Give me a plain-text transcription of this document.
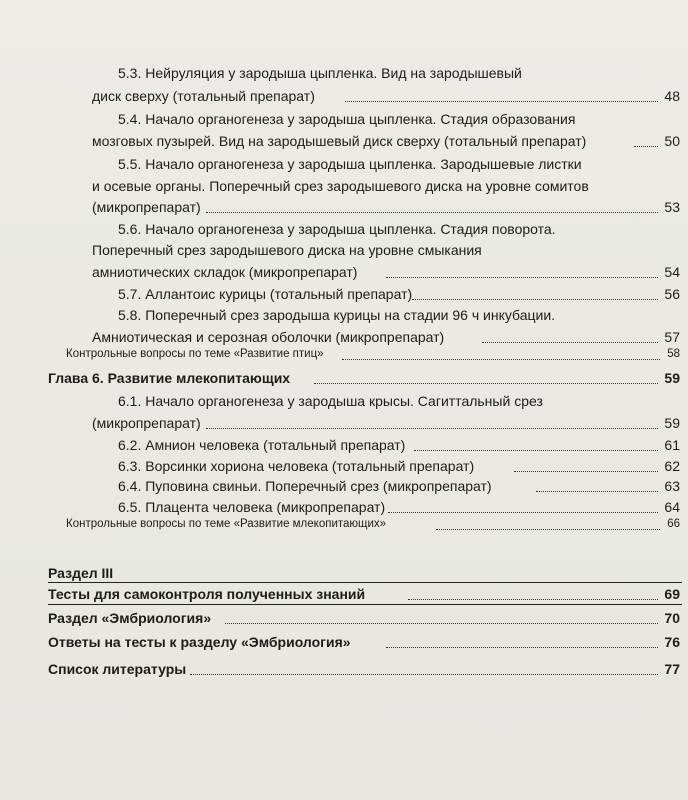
5.3. Нейруляция у зародыша цыпленка. Вид на зародышевый
диск сверху (тотальный препарат)	48
5.4. Начало органогенеза у зародыша цыпленка. Стадия образования
мозговых пузырей. Вид на зародышевый диск сверху (тотальный препарат)	50
5.5. Начало органогенеза у зародыша цыпленка. Зародышевые листки
и осевые органы. Поперечный срез зародышевого диска на уровне сомитов
(микропрепарат)	53
5.6. Начало органогенеза у зародыша цыпленка. Стадия поворота.
Поперечный срез зародышевого диска на уровне смыкания
амниотических складок (микропрепарат)	54
5.7. Аллантоис курицы (тотальный препарат)	56
5.8. Поперечный срез зародыша курицы на стадии 96 ч инкубации.
Амниотическая и серозная оболочки (микропрепарат)	57
Контрольные вопросы по теме «Развитие птиц»	58
Глава 6. Развитие млекопитающих	59
6.1. Начало органогенеза у зародыша крысы. Сагиттальный срез
(микропрепарат)	59
6.2. Амнион человека (тотальный препарат)	61
6.3. Ворсинки хориона человека (тотальный препарат)	62
6.4. Пуповина свиньи. Поперечный срез (микропрепарат)	63
6.5. Плацента человека (микропрепарат)	64
Контрольные вопросы по теме «Развитие млекопитающих»	66
Раздел III
Тесты для самоконтроля полученных знаний	69
Раздел «Эмбриология»	70
Ответы на тесты к разделу «Эмбриология»	76
Список литературы	77
